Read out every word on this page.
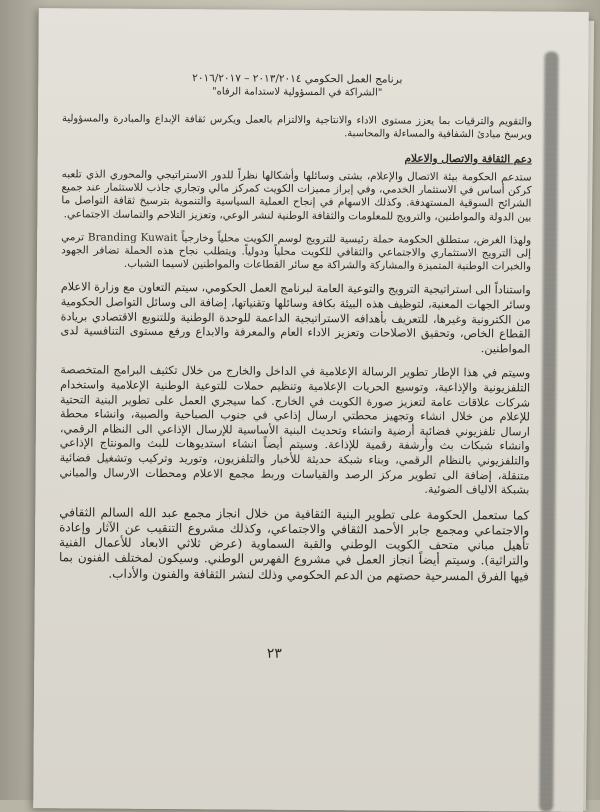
برنامج العمل الحكومي ٢٠١٣/٢٠١٤ – ٢٠١٦/٢٠١٧
"الشراكة في المسؤولية لاستدامة الرفاه"

والتقويم والترقيات بما يعزز مستوى الاداء والانتاجية والالتزام بالعمل ويكرس ثقافة الإبداع والمبادرة والمسؤولية ويرسخ مبادئ الشفافية والمساءلة والمحاسبة.

دعم الثقافة والاتصال والاعلام

ستدعم الحكومة بيئة الاتصال والإعلام، بشتى وسائلها وأشكالها نظراً للدور الاستراتيجي والمحوري الذي تلعبه كركن أساس في الاستثمار الخدمي، وفي إبراز مميزات الكويت كمركز مالي وتجاري جاذب للاستثمار عند جميع الشرائح السوقية المستهدفة. وكذلك الاسهام في إنجاح العملية السياسية والتنموية بترسيخ ثقافة التواصل ما بين الدولة والمواطنين، والترويج للمعلومات والثقافة الوطنية لنشر الوعي، وتعزيز التلاحم والتماسك الاجتماعي.

ولهذا الغرض، ستطلق الحكومة حملة رئيسية للترويج لوسم الكويت محلياً وخارجياً Branding Kuwait ترمي إلى الترويج الاستثماري والاجتماعي والثقافي للكويت محلياً ودولياً. ويتطلب نجاح هذه الحملة تضافر الجهود والخبرات الوطنية المتميزة والمشاركة والشراكة مع سائر القطاعات والمواطنين لاسيما الشباب.

واستناداً الى استراتيجية الترويج والتوعية العامة لبرنامج العمل الحكومي، سيتم التعاون مع وزارة الاعلام وسائر الجهات المعنية، لتوظيف هذه البيئة بكافة وسائلها وتقنياتها، إضافة الى وسائل التواصل الحكومية من الكترونية وغيرها، للتعريف بأهدافه الاستراتيجية الداعمة للوحدة الوطنية وللتنويع الاقتصادي بريادة القطاع الخاص، وتحقيق الاصلاحات وتعزيز الاداء العام والمعرفة والابداع ورفع مستوى التنافسية لدى المواطنين.

وسيتم في هذا الإطار تطوير الرسالة الإعلامية في الداخل والخارج من خلال تكثيف البرامج المتخصصة التلفزيونية والإذاعية، وتوسيع الحريات الإعلامية وتنظيم حملات للتوعية الوطنية الإعلامية واستخدام شركات علاقات عامة لتعزيز صورة الكويت في الخارج. كما سيجري العمل على تطوير البنية التحتية للإعلام من خلال انشاء وتجهيز محطتي ارسال إذاعي في جنوب الصباحية والصبية، وانشاء محطة ارسال تلفزيوني فضائية أرضية وانشاء وتحديث البنية الأساسية للإرسال الإذاعي الى النظام الرقمي، وانشاء شبكات بث وأرشفة رقمية للإذاعة. وسيتم أيضاً انشاء استديوهات للبث والمونتاج الإذاعي والتلفزيوني بالنظام الرقمي، وبناء شبكة حديثة للأخبار والتلفزيون، وتوريد وتركيب وتشغيل فضائية متنقلة، إضافة الى تطوير مركز الرصد والقياسات وربط مجمع الاعلام ومحطات الارسال والمباني بشبكة الالياف الضوئية.

كما ستعمل الحكومة على تطوير البنية الثقافية من خلال انجاز مجمع عبد الله السالم الثقافي والاجتماعي ومجمع جابر الأحمد الثقافي والاجتماعي، وكذلك مشروع التنقيب عن الآثار وإعادة تأهيل مباني متحف الكويت الوطني والقبة السماوية (عرض ثلاثي الابعاد للأعمال الفنية والتراثية). وسيتم أيضاً انجاز العمل في مشروع الفهرس الوطني. وسيكون لمختلف الفنون بما فيها الفرق المسرحية حصتهم من الدعم الحكومي وذلك لنشر الثقافة والفنون والأداب.

٢٣
